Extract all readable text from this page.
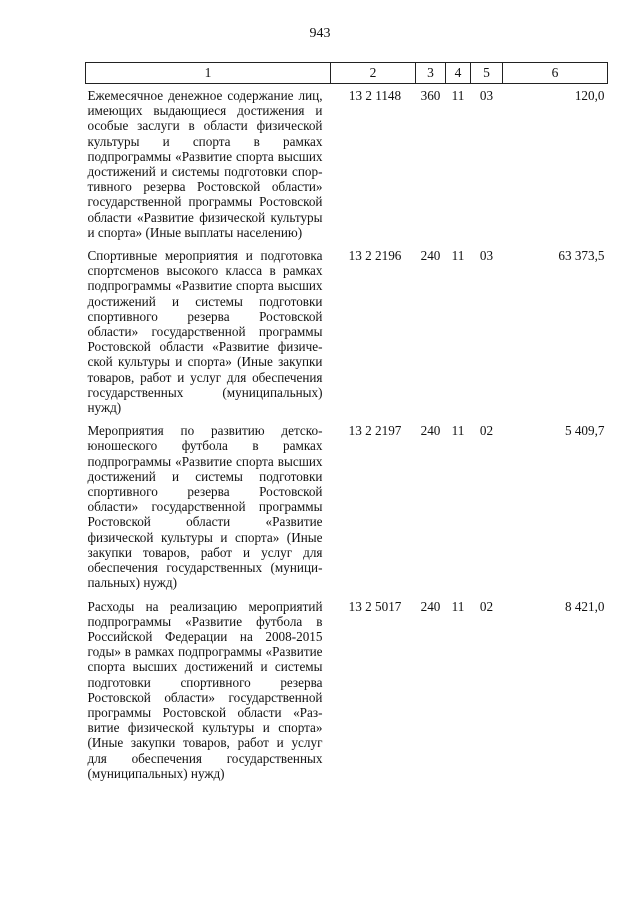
943
1	2	3	4	5	6
Ежемесячное денежное содержание лиц, имеющих выдающиеся достижения и особые заслуги в области физической культуры и спорта в рамках подпрограммы «Развитие спорта высших достижений и системы подготовки спортивного резерва Ростовской области» государственной программы Ростовской области «Развитие физической культуры и спорта» (Иные выплаты населению)	13 2 1148	360	11	03	120,0
Спортивные мероприятия и подготовка спортсменов высокого класса в рамках подпрограммы «Развитие спорта высших достижений и системы подготовки спортивного резерва Ростовской области» государственной программы Ростовской области «Развитие физической культуры и спорта» (Иные закупки товаров, работ и услуг для обеспечения государственных (муниципальных) нужд)	13 2 2196	240	11	03	63 373,5
Мероприятия по развитию детско-юношеского футбола в рамках подпрограммы «Развитие спорта высших достижений и системы подготовки спортивного резерва Ростовской области» государственной программы Ростовской области «Развитие физической культуры и спорта» (Иные закупки товаров, работ и услуг для обеспечения государственных (муниципальных) нужд)	13 2 2197	240	11	02	5 409,7
Расходы на реализацию мероприятий подпрограммы «Развитие футбола в Российской Федерации на 2008-2015 годы» в рамках подпрограммы «Развитие спорта высших достижений и системы подготовки спортивного резерва Ростовской области» государственной программы Ростовской области «Развитие физической культуры и спорта» (Иные закупки товаров, работ и услуг для обеспечения государственных (муниципальных) нужд)	13 2 5017	240	11	02	8 421,0
